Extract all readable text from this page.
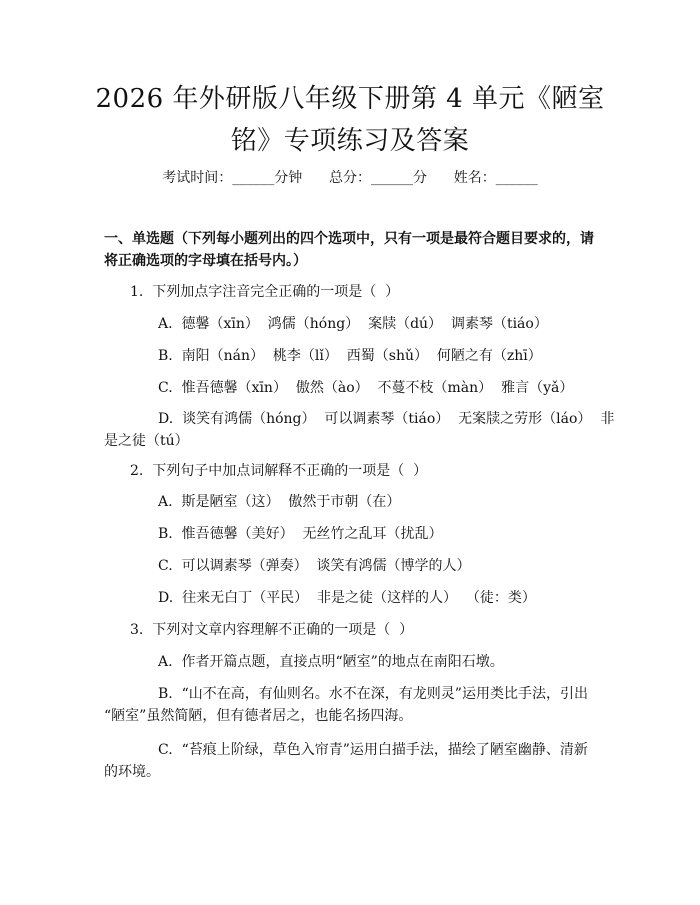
2026 年外研版八年级下册第 4 单元《陋室
铭》专项练习及答案
考试时间：______分钟 总分：______分 姓名：______
一、单选题（下列每小题列出的四个选项中，只有一项是最符合题目要求的，请
将正确选项的字母填在括号内。）
1.  下列加点字注音完全正确的一项是（  ）
A.  德馨（xīn）  鸿儒（hóng）  案牍（dú）  调素琴（tiáo）
B.  南阳（nán）  桃李（lǐ）  西蜀（shǔ）  何陋之有（zhī）
C.  惟吾德馨（xīn）  傲然（ào）  不蔓不枝（màn）  雅言（yǎ）
D.  谈笑有鸿儒（hóng）  可以调素琴（tiáo）  无案牍之劳形（láo）  非
是之徒（tú）
2.  下列句子中加点词解释不正确的一项是（  ）
A.  斯是陋室（这）  傲然于市朝（在）
B.  惟吾德馨（美好）  无丝竹之乱耳（扰乱）
C.  可以调素琴（弹奏）  谈笑有鸿儒（博学的人）
D.  往来无白丁（平民）  非是之徒（这样的人）  （徒：类）
3.  下列对文章内容理解不正确的一项是（  ）
A.  作者开篇点题，直接点明“陋室”的地点在南阳石墩。
B.  “山不在高，有仙则名。水不在深，有龙则灵”运用类比手法，引出
“陋室”虽然简陋，但有德者居之，也能名扬四海。
C.  “苔痕上阶绿，草色入帘青”运用白描手法，描绘了陋室幽静、清新
的环境。
